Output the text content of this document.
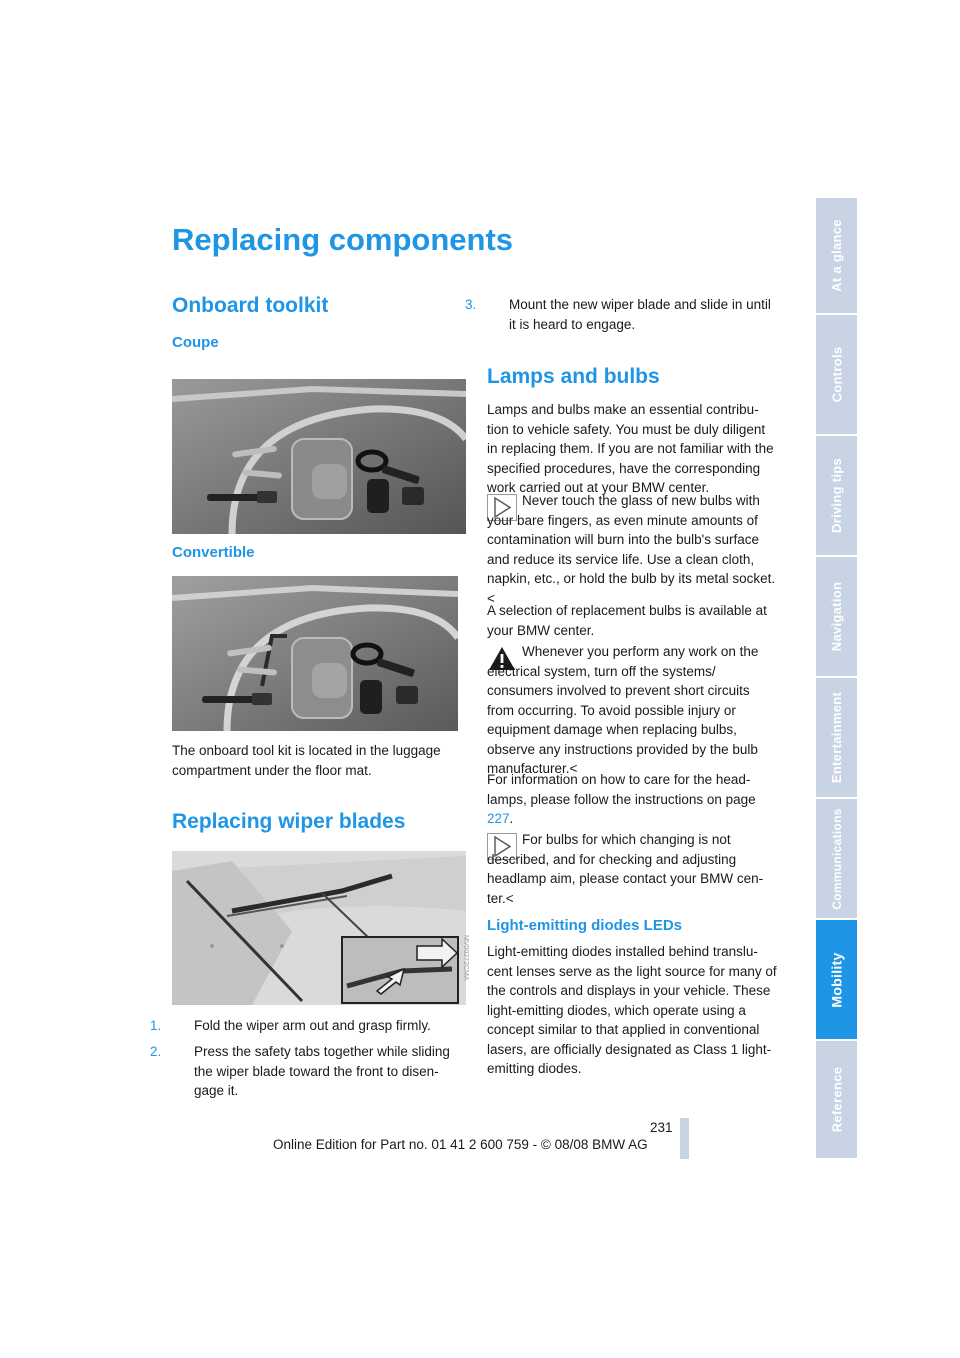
At a glance
Controls
Driving tips
Navigation
Entertainment
Communications
Mobility
Reference
Replacing components
Onboard toolkit
Coupe
Convertible

The onboard tool kit is located in the luggage compartment under the floor mat.

Replacing wiper blades
MV00272CMA
1. Fold the wiper arm out and grasp firmly.
2. Press the safety tabs together while sliding the wiper blade toward the front to disen-gage it.
3. Mount the new wiper blade and slide in until it is heard to engage.
Lamps and bulbs

Lamps and bulbs make an essential contribu-tion to vehicle safety. You must be duly diligent in replacing them. If you are not familiar with the specified procedures, have the corresponding work carried out at your BMW center.

Never touch the glass of new bulbs with your bare fingers, as even minute amounts of contamination will burn into the bulb's surface and reduce its service life. Use a clean cloth, napkin, etc., or hold the bulb by its metal socket.<

A selection of replacement bulbs is available at your BMW center.

Whenever you perform any work on the electrical system, turn off the systems/ consumers involved to prevent short circuits from occurring. To avoid possible injury or equipment damage when replacing bulbs, observe any instructions provided by the bulb manufacturer.<

For information on how to care for the head-lamps, please follow the instructions on page 227.

For bulbs for which changing is not described, and for checking and adjusting headlamp aim, please contact your BMW cen-ter.<

Light-emitting diodes LEDs

Light-emitting diodes installed behind translu-cent lenses serve as the light source for many of the controls and displays in your vehicle. These light-emitting diodes, which operate using a concept similar to that applied in conventional lasers, are officially designated as Class 1 light-emitting diodes.

231
Online Edition for Part no. 01 41 2 600 759 - © 08/08 BMW AG
